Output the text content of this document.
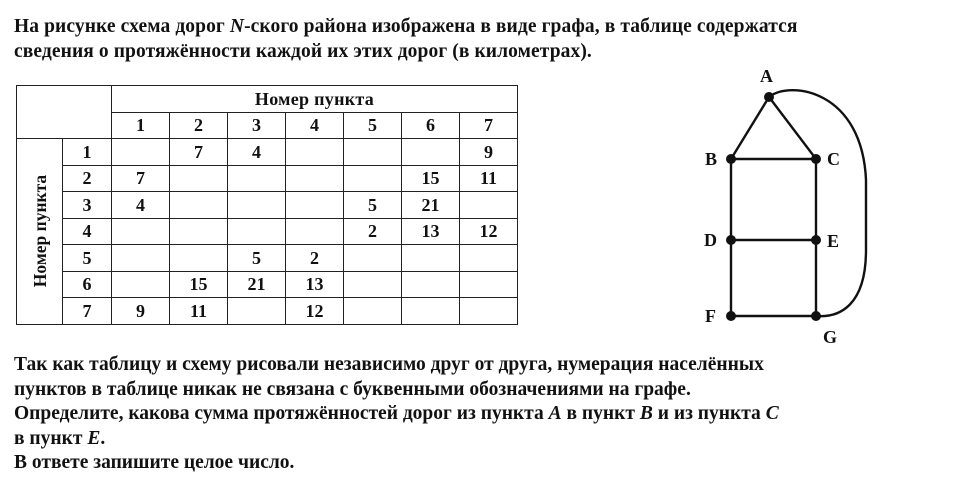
На рисунке схема дорог N-ского района изображена в виде графа, в таблице содержатся
сведения о протяжённости каждой их этих дорог (в километрах).
		Номер пункта						
		1	2	3	4	5	6	7

Номер пункта	1		7	4				9
	2	7					15	11
	3	4				5	21	
	4					2	13	12
	5			5	2			
	6		15	21	13			
	7	9	11		12			
A
B	C
D	E
F
G
Так как таблицу и схему рисовали независимо друг от друга, нумерация населённых
пунктов в таблице никак не связана с буквенными обозначениями на графе.
Определите, какова сумма протяжённостей дорог из пункта A в пункт B и из пункта C
в пункт E.
В ответе запишите целое число.
